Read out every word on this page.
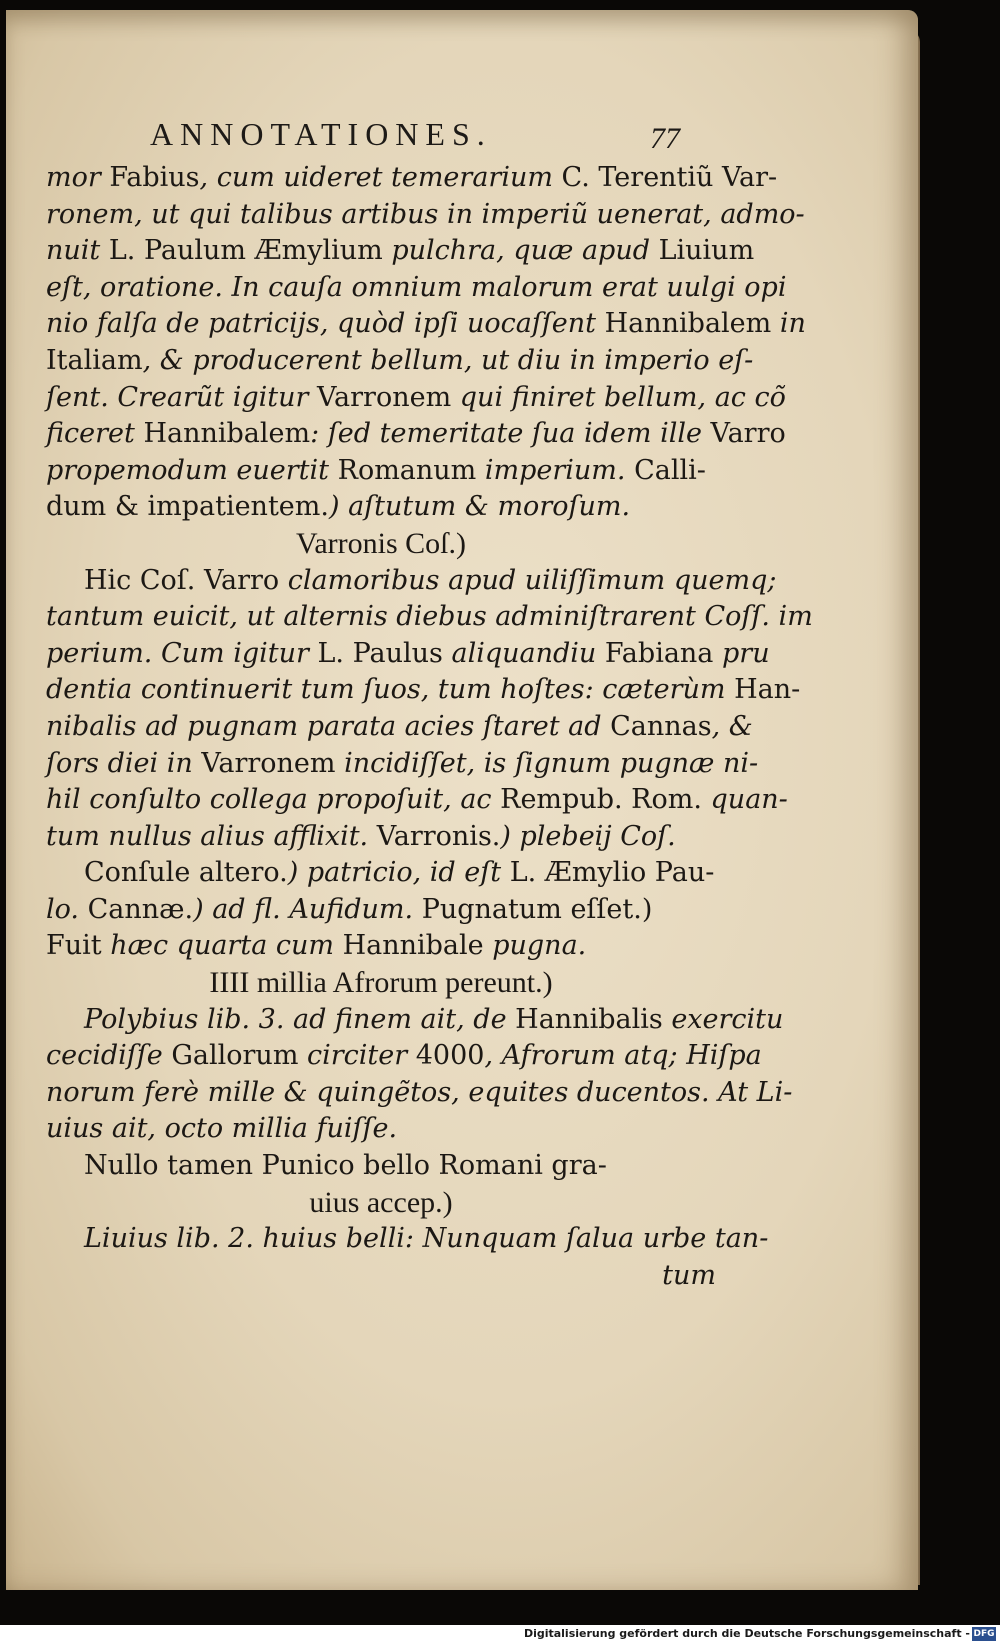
ANNOTATIONES.	77
mor Fabius, cum uideret temerarium C. Terentiũ Var-
ronem, ut qui talibus artibus in imperiũ uenerat, admo-
nuit L. Paulum Æmylium pulchra, quæ apud Liuium
eſt, oratione. In cauſa omnium malorum erat uulgi opi
nio falſa de patricijs, quòd ipſi uocaſſent Hannibalem in
Italiam, & producerent bellum, ut diu in imperio eſ-
ſent. Crearũt igitur Varronem qui finiret bellum, ac cõ
ficeret Hannibalem: ſed temeritate ſua idem ille Varro
propemodum euertit Romanum imperium. Calli-
dum & impatientem.) aſtutum & moroſum.
Varronis Coſ.)
Hic Coſ. Varro clamoribus apud uiliſſimum quemq;
tantum euicit, ut alternis diebus adminiſtrarent Coſſ. im
perium. Cum igitur L. Paulus aliquandiu Fabiana pru
dentia continuerit tum ſuos, tum hoſtes: cæterùm Han-
nibalis ad pugnam parata acies ſtaret ad Cannas, &
ſors diei in Varronem incidiſſet, is ſignum pugnæ ni-
hil conſulto collega propoſuit, ac Rempub. Rom. quan-
tum nullus alius afflixit. Varronis.) plebeij Coſ.
Conſule altero.) patricio, id eſt L. Æmylio Pau-
lo. Cannæ.) ad fl. Aufidum. Pugnatum eſſet.)
Fuit hæc quarta cum Hannibale pugna.
IIII millia Afrorum pereunt.)
Polybius lib. 3. ad finem ait, de Hannibalis exercitu
cecidiſſe Gallorum circiter 4000, Afrorum atq; Hiſpa
norum ferè mille & quingẽtos, equites ducentos. At Li-
uius ait, octo millia fuiſſe.
Nullo tamen Punico bello Romani gra-
uius accep.)
Liuius lib. 2. huius belli: Nunquam ſalua urbe tan-
tum
Digitalisierung gefördert durch die Deutsche Forschungsgemeinschaft - DFG
